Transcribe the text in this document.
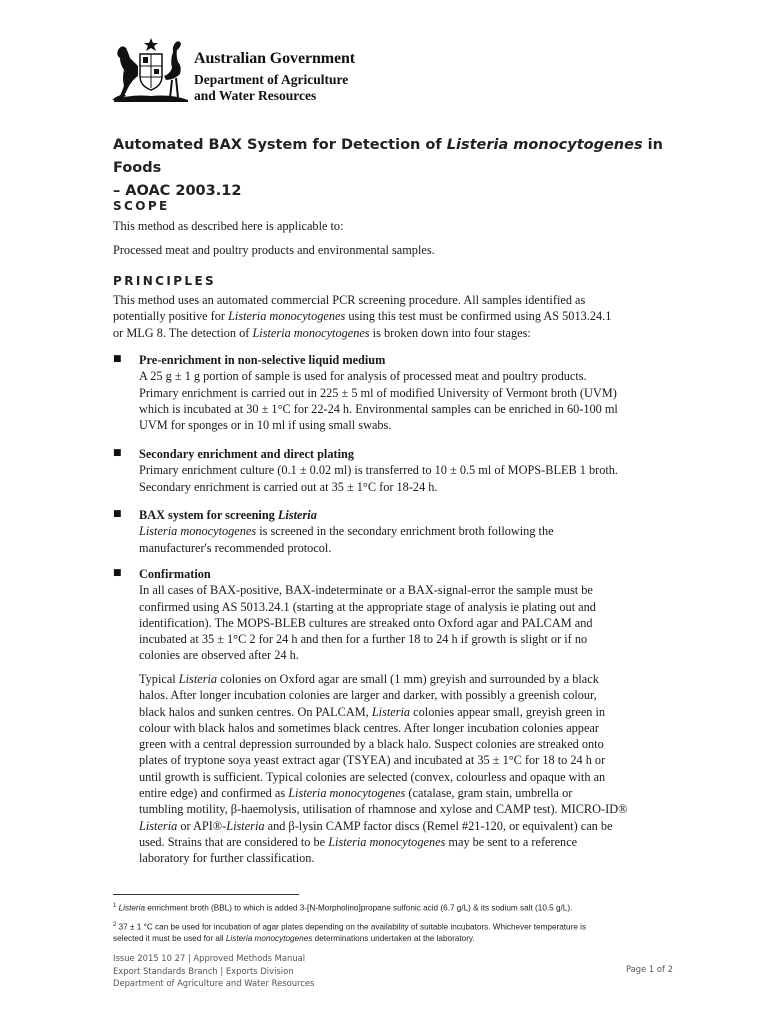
Australian Government
Department of Agriculture
and Water Resources
Automated BAX System for Detection of Listeria monocytogenes in Foods
– AOAC 2003.12
SCOPE
This method as described here is applicable to:
Processed meat and poultry products and environmental samples.
PRINCIPLES
This method uses an automated commercial PCR screening procedure. All samples identified as
potentially positive for Listeria monocytogenes using this test must be confirmed using AS 5013.24.1
or MLG 8. The detection of Listeria monocytogenes is broken down into four stages:
■	Pre-enrichment in non-selective liquid medium
A 25 g ± 1 g portion of sample is used for analysis of processed meat and poultry products.
Primary enrichment is carried out in 225 ± 5 ml of modified University of Vermont broth (UVM)
which is incubated at 30 ± 1°C for 22-24 h. Environmental samples can be enriched in 60-100 ml
UVM for sponges or in 10 ml if using small swabs.
■	Secondary enrichment and direct plating
Primary enrichment culture (0.1 ± 0.02 ml) is transferred to 10 ± 0.5 ml of MOPS-BLEB 1 broth.
Secondary enrichment is carried out at 35 ± 1°C for 18-24 h.
■	BAX system for screening Listeria
Listeria monocytogenes is screened in the secondary enrichment broth following the
manufacturer's recommended protocol.
■	Confirmation
In all cases of BAX-positive, BAX-indeterminate or a BAX-signal-error the sample must be
confirmed using AS 5013.24.1 (starting at the appropriate stage of analysis ie plating out and
identification). The MOPS-BLEB cultures are streaked onto Oxford agar and PALCAM and
incubated at 35 ± 1°C 2 for 24 h and then for a further 18 to 24 h if growth is slight or if no
colonies are observed after 24 h.
Typical Listeria colonies on Oxford agar are small (1 mm) greyish and surrounded by a black
halos. After longer incubation colonies are larger and darker, with possibly a greenish colour,
black halos and sunken centres. On PALCAM, Listeria colonies appear small, greyish green in
colour with black halos and sometimes black centres. After longer incubation colonies appear
green with a central depression surrounded by a black halo. Suspect colonies are streaked onto
plates of tryptone soya yeast extract agar (TSYEA) and incubated at 35 ± 1°C for 18 to 24 h or
until growth is sufficient. Typical colonies are selected (convex, colourless and opaque with an
entire edge) and confirmed as Listeria monocytogenes (catalase, gram stain, umbrella or
tumbling motility, β-haemolysis, utilisation of rhamnose and xylose and CAMP test). MICRO-ID®
Listeria or API®-Listeria and β-lysin CAMP factor discs (Remel #21-120, or equivalent) can be
used. Strains that are considered to be Listeria monocytogenes may be sent to a reference
laboratory for further classification.
$^1$ Listeria enrichment broth (BBL) to which is added 3-[N-Morpholino]propane sulfonic acid (6.7 g/L) & its sodium salt (10.5 g/L).
$^2$ 37 ± 1 °C can be used for incubation of agar plates depending on the availability of suitable incubators. Whichever temperature is
selected it must be used for all Listeria monocytogenes determinations undertaken at the laboratory.
Issue 2015 10 27 | Approved Methods Manual
Export Standards Branch | Exports Division
Department of Agriculture and Water Resources
Page 1 of 2
